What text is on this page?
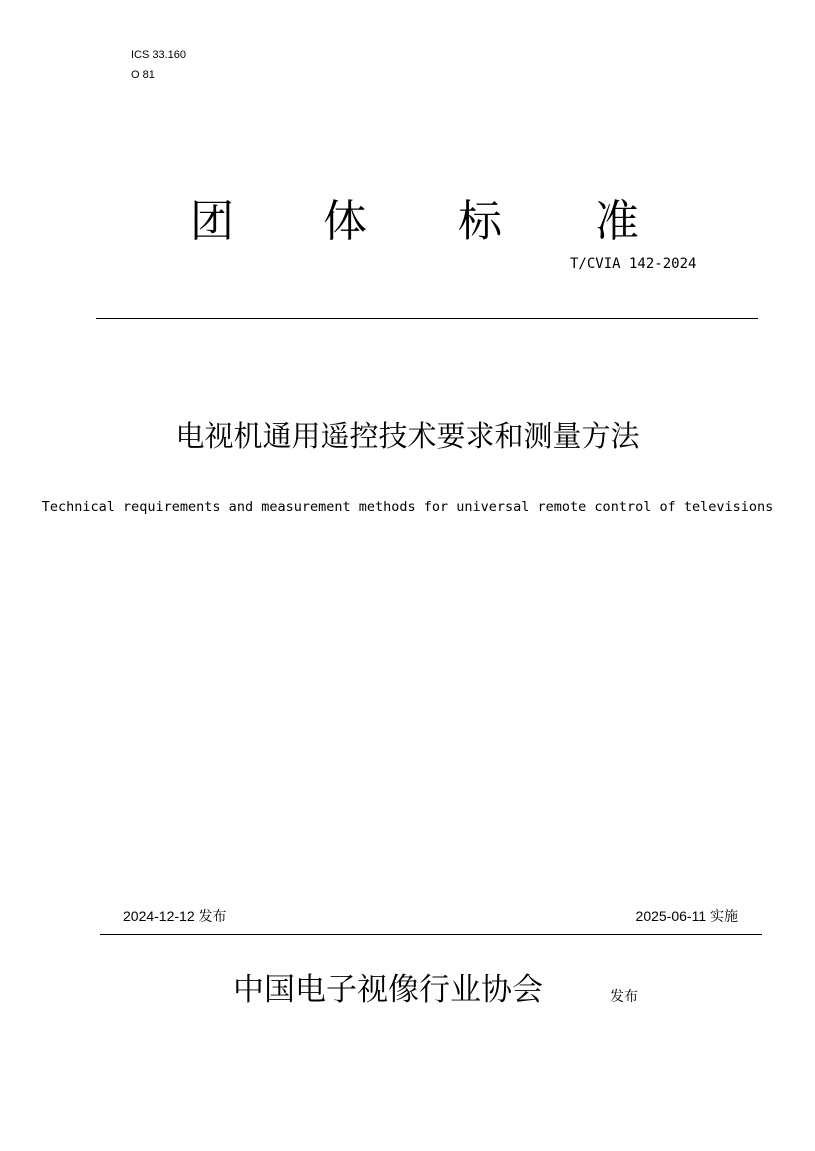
ICS 33.160
O 81
团 体 标 准
T/CVIA 142-2024
电视机通用遥控技术要求和测量方法
Technical requirements and measurement methods for universal remote control of televisions
2024-12-12 发布	2025-06-11 实施
中国电子视像行业协会	发布
